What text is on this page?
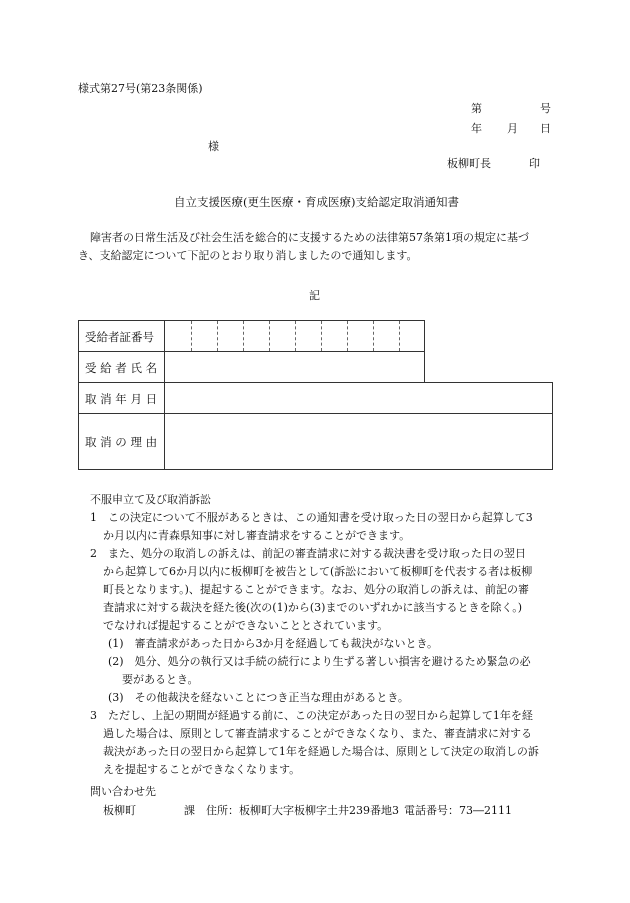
様式第27号(第23条関係)
第	号
年 月 日
様
板柳町長	印
自立支援医療(更生医療・育成医療)支給認定取消通知書
障害者の日常生活及び社会生活を総合的に支援するための法律第57条第1項の規定に基づ
き、支給認定について下記のとおり取り消しましたので通知します。
記
受給者証番号
受 給 者 氏 名
取 消 年 月 日
取 消 の 理 由
不服申立て及び取消訴訟
1　この決定について不服があるときは、この通知書を受け取った日の翌日から起算して3
か月以内に青森県知事に対し審査請求をすることができます。
2　また、処分の取消しの訴えは、前記の審査請求に対する裁決書を受け取った日の翌日
から起算して6か月以内に板柳町を被告として(訴訟において板柳町を代表する者は板柳
町長となります。)、提起することができます。なお、処分の取消しの訴えは、前記の審
査請求に対する裁決を経た後(次の(1)から(3)までのいずれかに該当するときを除く。)
でなければ提起することができないこととされています。
(1)　審査請求があった日から3か月を経過しても裁決がないとき。
(2)　処分、処分の執行又は手続の続行により生ずる著しい損害を避けるため緊急の必
要があるとき。
(3)　その他裁決を経ないことにつき正当な理由があるとき。
3　ただし、上記の期間が経過する前に、この決定があった日の翌日から起算して1年を経
過した場合は、原則として審査請求することができなくなり、また、審査請求に対する
裁決があった日の翌日から起算して1年を経過した場合は、原則として決定の取消しの訴
えを提起することができなくなります。
問い合わせ先
板柳町	課 住所：板柳町大字板柳字土井239番地3 電話番号：73―2111
